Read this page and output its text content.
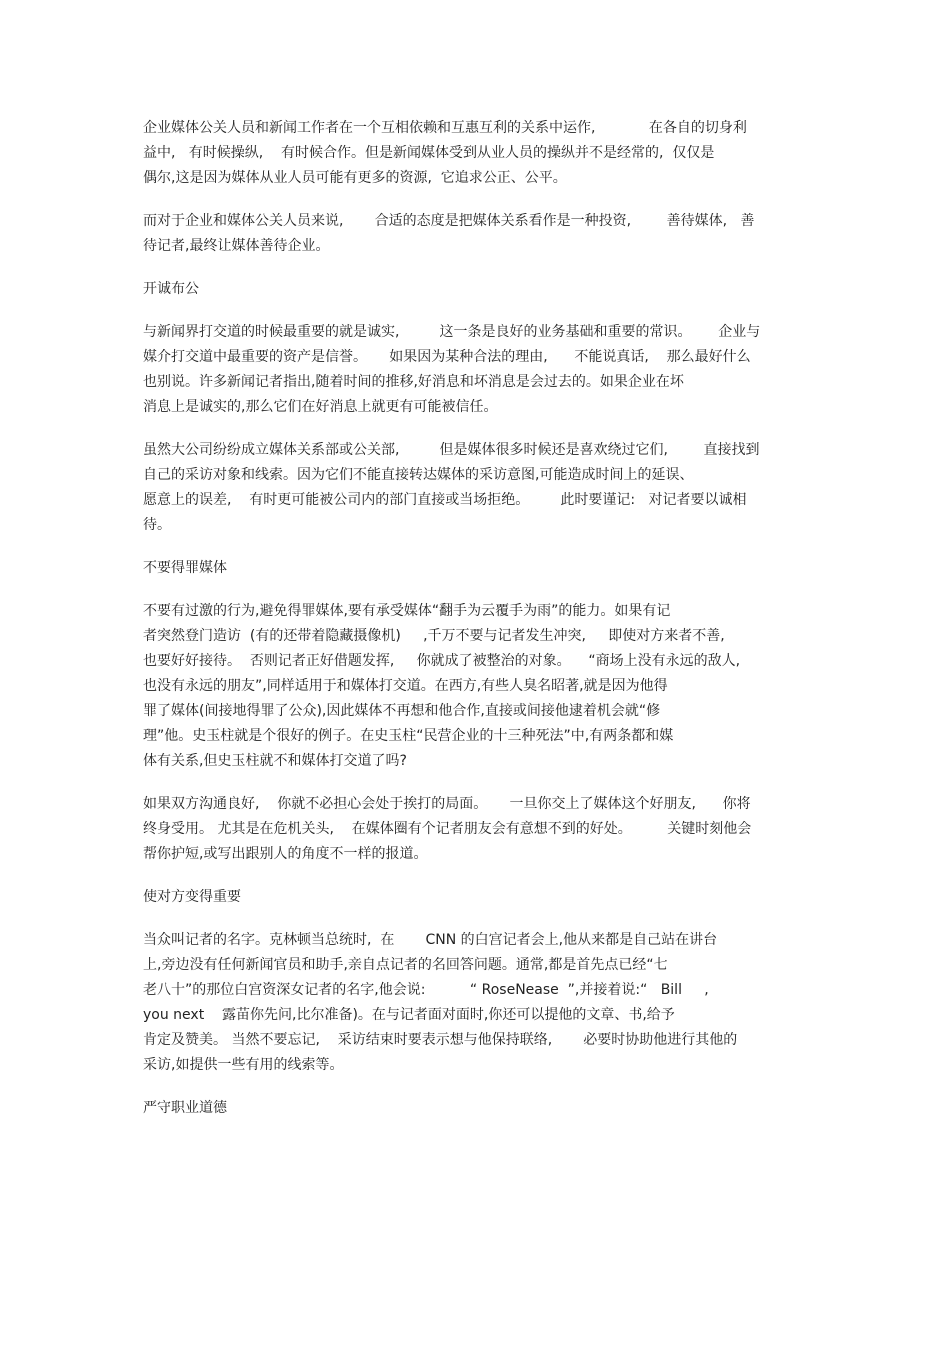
企业媒体公关人员和新闻工作者在一个互相依赖和互惠互利的关系中运作,            在各自的切身利
益中,   有时候操纵,    有时候合作。但是新闻媒体受到从业人员的操纵并不是经常的,  仅仅是
偶尔,这是因为媒体从业人员可能有更多的资源,  它追求公正、公平。
而对于企业和媒体公关人员来说,       合适的态度是把媒体关系看作是一种投资,        善待媒体,   善
待记者,最终让媒体善待企业。
开诚布公
与新闻界打交道的时候最重要的就是诚实,         这一条是良好的业务基础和重要的常识。      企业与
媒介打交道中最重要的资产是信誉。     如果因为某种合法的理由,      不能说真话,    那么最好什么
也别说。许多新闻记者指出,随着时间的推移,好消息和坏消息是会过去的。如果企业在坏
消息上是诚实的,那么它们在好消息上就更有可能被信任。
虽然大公司纷纷成立媒体关系部或公关部,         但是媒体很多时候还是喜欢绕过它们,        直接找到
自己的采访对象和线索。因为它们不能直接转达媒体的采访意图,可能造成时间上的延误、
愿意上的误差,    有时更可能被公司内的部门直接或当场拒绝。       此时要谨记:   对记者要以诚相
待。
不要得罪媒体
不要有过激的行为,避免得罪媒体,要有承受媒体“翻手为云覆手为雨”的能力。如果有记
者突然登门造访  (有的还带着隐藏摄像机)     ,千万不要与记者发生冲突,     即使对方来者不善,
也要好好接待。  否则记者正好借题发挥,     你就成了被整治的对象。    “商场上没有永远的敌人,
也没有永远的朋友”,同样适用于和媒体打交道。在西方,有些人臭名昭著,就是因为他得
罪了媒体(间接地得罪了公众),因此媒体不再想和他合作,直接或间接他逮着机会就“修
理”他。史玉柱就是个很好的例子。在史玉柱“民营企业的十三种死法”中,有两条都和媒
体有关系,但史玉柱就不和媒体打交道了吗?
如果双方沟通良好,    你就不必担心会处于挨打的局面。     一旦你交上了媒体这个好朋友,      你将
终身受用。 尤其是在危机关头,    在媒体圈有个记者朋友会有意想不到的好处。        关键时刻他会
帮你护短,或写出跟别人的角度不一样的报道。
使对方变得重要
当众叫记者的名字。克林顿当总统时,  在       CNN 的白宫记者会上,他从来都是自己站在讲台
上,旁边没有任何新闻官员和助手,亲自点记者的名回答问题。通常,都是首先点已经“七
老八十”的那位白宫资深女记者的名字,他会说:          “ RoseNease  ”,并接着说:“   Bill     ,
you next    露苗你先问,比尔准备)。在与记者面对面时,你还可以提他的文章、书,给予
肯定及赞美。 当然不要忘记,    采访结束时要表示想与他保持联络,       必要时协助他进行其他的
采访,如提供一些有用的线索等。
严守职业道德
